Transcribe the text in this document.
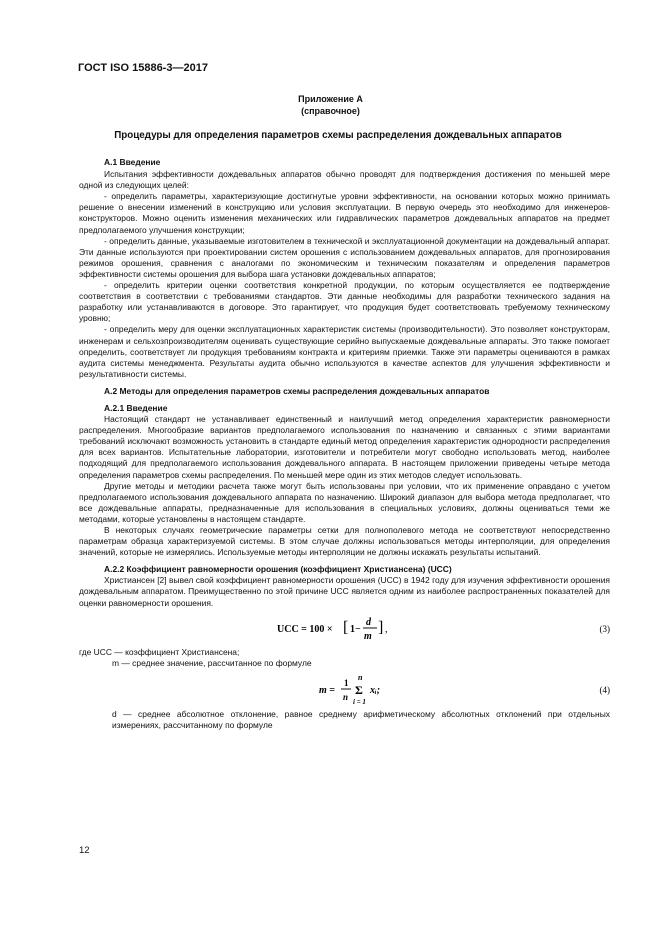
ГОСТ ISO 15886-3—2017
Приложение А
(справочное)
Процедуры для определения параметров схемы распределения дождевальных аппаратов

А.1 Введение

Испытания эффективности дождевальных аппаратов обычно проводят для подтверждения достижения по меньшей мере одной из следующих целей:

- определить параметры, характеризующие достигнутые уровни эффективности, на основании которых можно принимать решение о внесении изменений в конструкцию или условия эксплуатации. В первую очередь это необходимо для инженеров-конструкторов. Можно оценить изменения механических или гидравлических параметров дождевальных аппаратов на предмет предполагаемого улучшения конструкции;

- определить данные, указываемые изготовителем в технической и эксплуатационной документации на дождевальный аппарат. Эти данные используются при проектировании систем орошения с использованием дождевальных аппаратов, для прогнозирования режимов орошения, сравнения с аналогами по экономическим и техническим показателям и определения параметров эффективности системы орошения для выбора шага установки дождевальных аппаратов;

- определить критерии оценки соответствия конкретной продукции, по которым осуществляется ее подтверждение соответствия в соответствии с требованиями стандартов. Эти данные необходимы для разработки технического задания на разработку или устанавливаются в договоре. Это гарантирует, что продукция будет соответствовать требуемому техническому уровню;

- определить меру для оценки эксплуатационных характеристик системы (производительности). Это позволяет конструкторам, инженерам и сельхозпроизводителям оценивать существующие серийно выпускаемые дождевальные аппараты. Это также помогает определить, соответствует ли продукция требованиям контракта и критериям приемки. Также эти параметры оцениваются в рамках аудита системы менеджмента. Результаты аудита обычно используются в качестве аспектов для улучшения эффективности и результативности системы.

А.2 Методы для определения параметров схемы распределения дождевальных аппаратов

А.2.1 Введение

Настоящий стандарт не устанавливает единственный и наилучший метод определения характеристик равномерности распределения. Многообразие вариантов предполагаемого использования по назначению и связанных с этими вариантами требований исключают возможность установить в стандарте единый метод определения характеристик однородности распределения для всех вариантов. Испытательные лаборатории, изготовители и потребители могут свободно использовать метод, наиболее подходящий для предполагаемого использования дождевального аппарата. В настоящем приложении приведены четыре метода определения параметров схемы распределения. По меньшей мере один из этих методов следует использовать.

Другие методы и методики расчета также могут быть использованы при условии, что их применение оправдано с учетом предполагаемого использования дождевального аппарата по назначению. Широкий диапазон для выбора метода предполагает, что все дождевальные аппараты, предназначенные для использования в специальных условиях, должны оцениваться теми же методами, которые установлены в настоящем стандарте.

В некоторых случаях геометрические параметры сетки для полнополевого метода не соответствуют непосредственно параметрам образца характеризуемой системы. В этом случае должны использоваться методы интерполяции, для определения значений, которые не измерялись. Используемые методы интерполяции не должны искажать результаты испытаний.

А.2.2 Коэффициент равномерности орошения (коэффициент Христиансена) (UCC)

Христиансен [2] вывел свой коэффициент равномерности орошения (UCC) в 1942 году для изучения эффективности орошения дождевальным аппаратом. Преимущественно по этой причине UCC является одним из наиболее распространенных показателей для оценки равномерности орошения.

UCC = 100 × [ 1−
d
m
] ,	(3)

где UCC — коэффициент Христиансена;

m — среднее значение, рассчитанное по формуле

m =
1
n
n
Σ
i = 1
xᵢ;	(4)

d — среднее абсолютное отклонение, равное среднему арифметическому абсолютных отклонений при отдельных измерениях, рассчитанному по формуле

12
